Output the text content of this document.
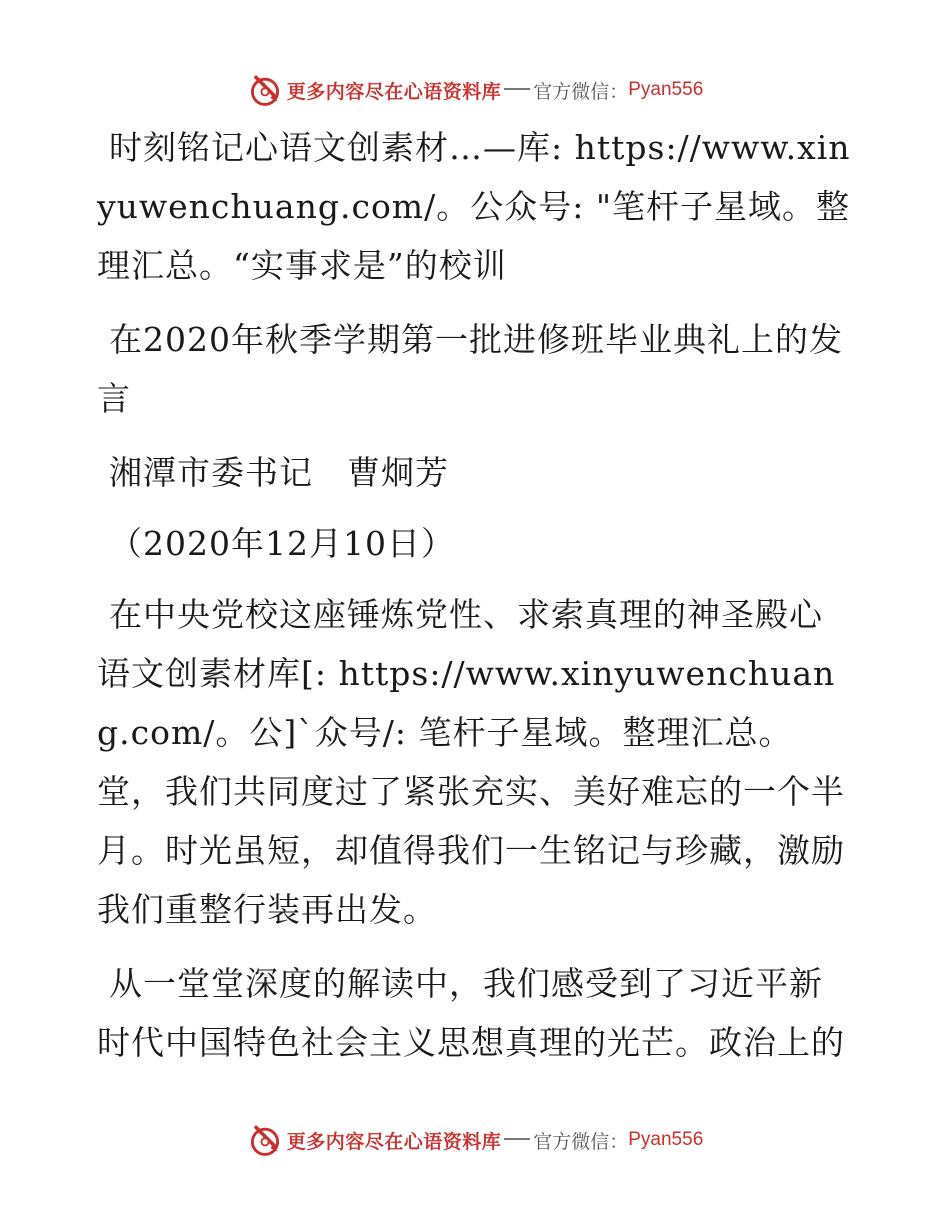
更多内容尽在心语资料库 官方微信： Pyan556

时刻铭记心语文创素材…—库: https://www.xinyuwenchuang.com/。公众号: "笔杆子星域。整理汇总。“实事求是”的校训

在2020年秋季学期第一批进修班毕业典礼上的发言

湘潭市委书记　曹炯芳

（2020年12月10日）

在中央党校这座锤炼党性、求索真理的神圣殿心语文创素材库[: https://www.xinyuwenchuang.com/。公]`众号/: 笔杆子星域。整理汇总。堂，我们共同度过了紧张充实、美好难忘的一个半月。时光虽短，却值得我们一生铭记与珍藏，激励我们重整行装再出发。

从一堂堂深度的解读中，我们感受到了习近平新时代中国特色社会主义思想真理的光芒。政治上的

更多内容尽在心语资料库 官方微信： Pyan556
